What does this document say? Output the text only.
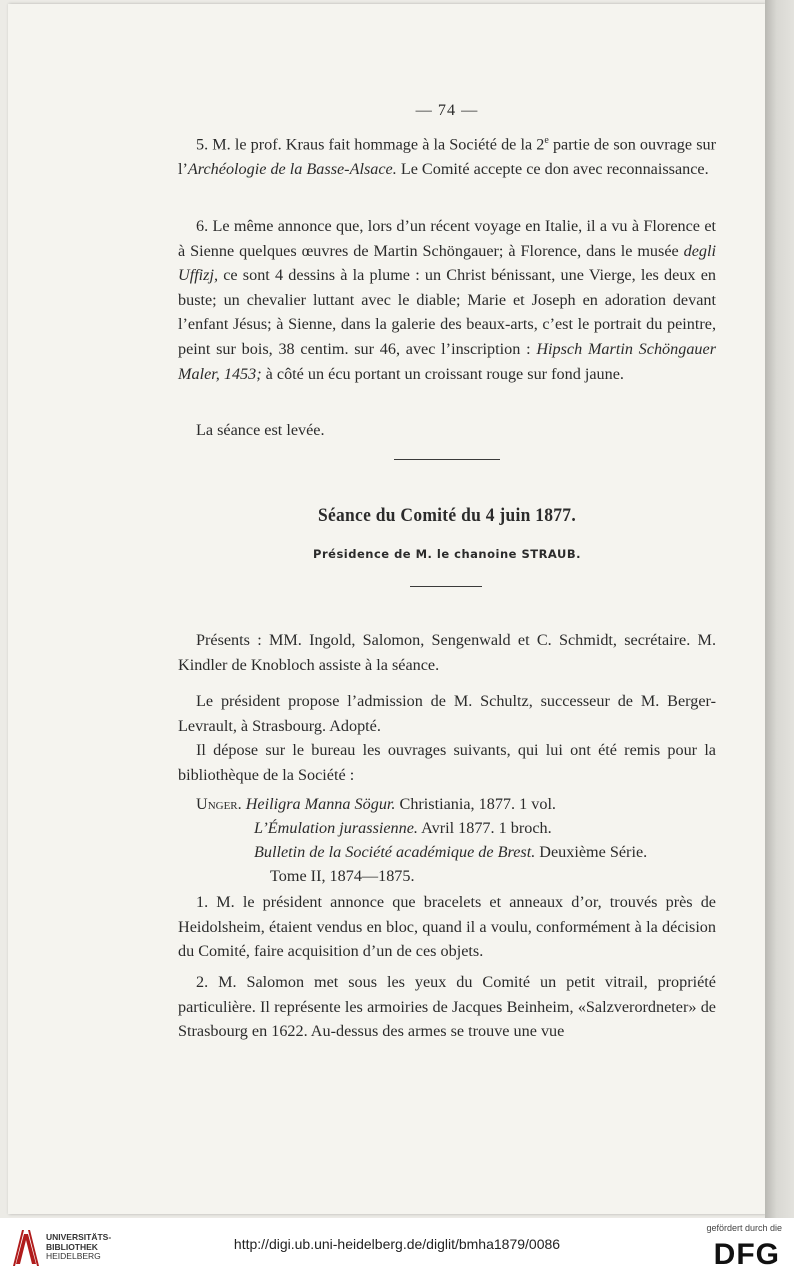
— 74 —

5. M. le prof. Kraus fait hommage à la Société de la 2e partie de son ouvrage sur l’Archéologie de la Basse-Alsace. Le Comité accepte ce don avec reconnaissance.

6. Le même annonce que, lors d’un récent voyage en Italie, il a vu à Florence et à Sienne quelques œuvres de Martin Schöngauer; à Florence, dans le musée degli Uffizj, ce sont 4 dessins à la plume : un Christ bénissant, une Vierge, les deux en buste; un chevalier luttant avec le diable; Marie et Joseph en adoration devant l’enfant Jésus; à Sienne, dans la galerie des beaux-arts, c’est le portrait du peintre, peint sur bois, 38 centim. sur 46, avec l’inscription : Hipsch Martin Schöngauer Maler, 1453; à côté un écu portant un croissant rouge sur fond jaune.

La séance est levée.

Séance du Comité du 4 juin 1877.
Présidence de M. le chanoine STRAUB.

Présents : MM. Ingold, Salomon, Sengenwald et C. Schmidt, secrétaire. M. Kindler de Knobloch assiste à la séance.

Le président propose l’admission de M. Schultz, successeur de M. Berger-Levrault, à Strasbourg. Adopté.

Il dépose sur le bureau les ouvrages suivants, qui lui ont été remis pour la bibliothèque de la Société :

Unger. Heiligra Manna Sögur. Christiania, 1877. 1 vol.
L’Émulation jurassienne. Avril 1877. 1 broch.
Bulletin de la Société académique de Brest. Deuxième Série.
Tome II, 1874—1875.

1. M. le président annonce que bracelets et anneaux d’or, trouvés près de Heidolsheim, étaient vendus en bloc, quand il a voulu, conformément à la décision du Comité, faire acquisition d’un de ces objets.

2. M. Salomon met sous les yeux du Comité un petit vitrail, propriété particulière. Il représente les armoiries de Jacques Beinheim, «Salzverordneter» de Strasbourg en 1622. Au-dessus des armes se trouve une vue

UNIVERSITÄTS-
BIBLIOTHEK
HEIDELBERG
http://digi.ub.uni-heidelberg.de/diglit/bmha1879/0086
gefördert durch die
DFG
